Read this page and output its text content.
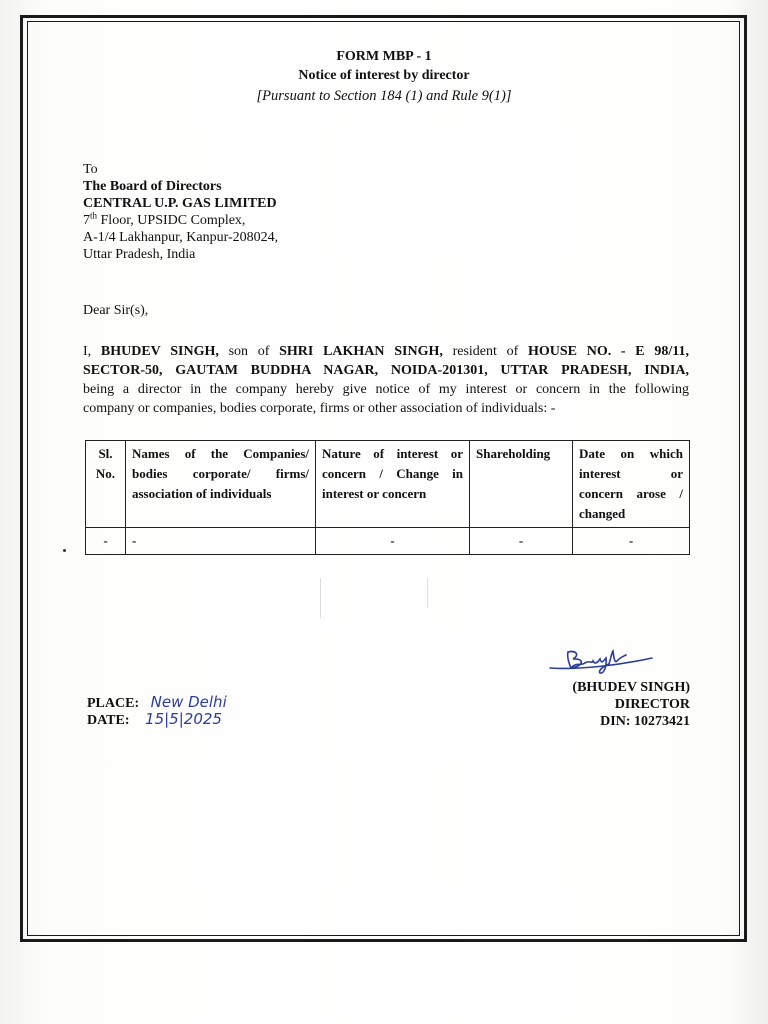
FORM MBP - 1
Notice of interest by director
[Pursuant to Section 184 (1) and Rule 9(1)]
To
The Board of Directors
CENTRAL U.P. GAS LIMITED
7th Floor, UPSIDC Complex,
A-1/4 Lakhanpur, Kanpur-208024,
Uttar Pradesh, India
Dear Sir(s),
I, BHUDEV SINGH, son of SHRI LAKHAN SINGH, resident of HOUSE NO. - E 98/11,
SECTOR-50, GAUTAM BUDDHA NAGAR, NOIDA-201301, UTTAR PRADESH, INDIA,
being a director in the company hereby give notice of my interest or concern in the following
company or companies, bodies corporate, firms or other association of individuals: -
Sl. No.	Names of the Companies/ bodies corporate/ firms/ association of individuals	Nature of interest or concern / Change in interest or concern	Shareholding	Date on which interest or concern arose / changed
-	-	-	-	-
(BHUDEV SINGH)
DIRECTOR
DIN: 10273421
PLACE: New Delhi
DATE: 15|5|2025
